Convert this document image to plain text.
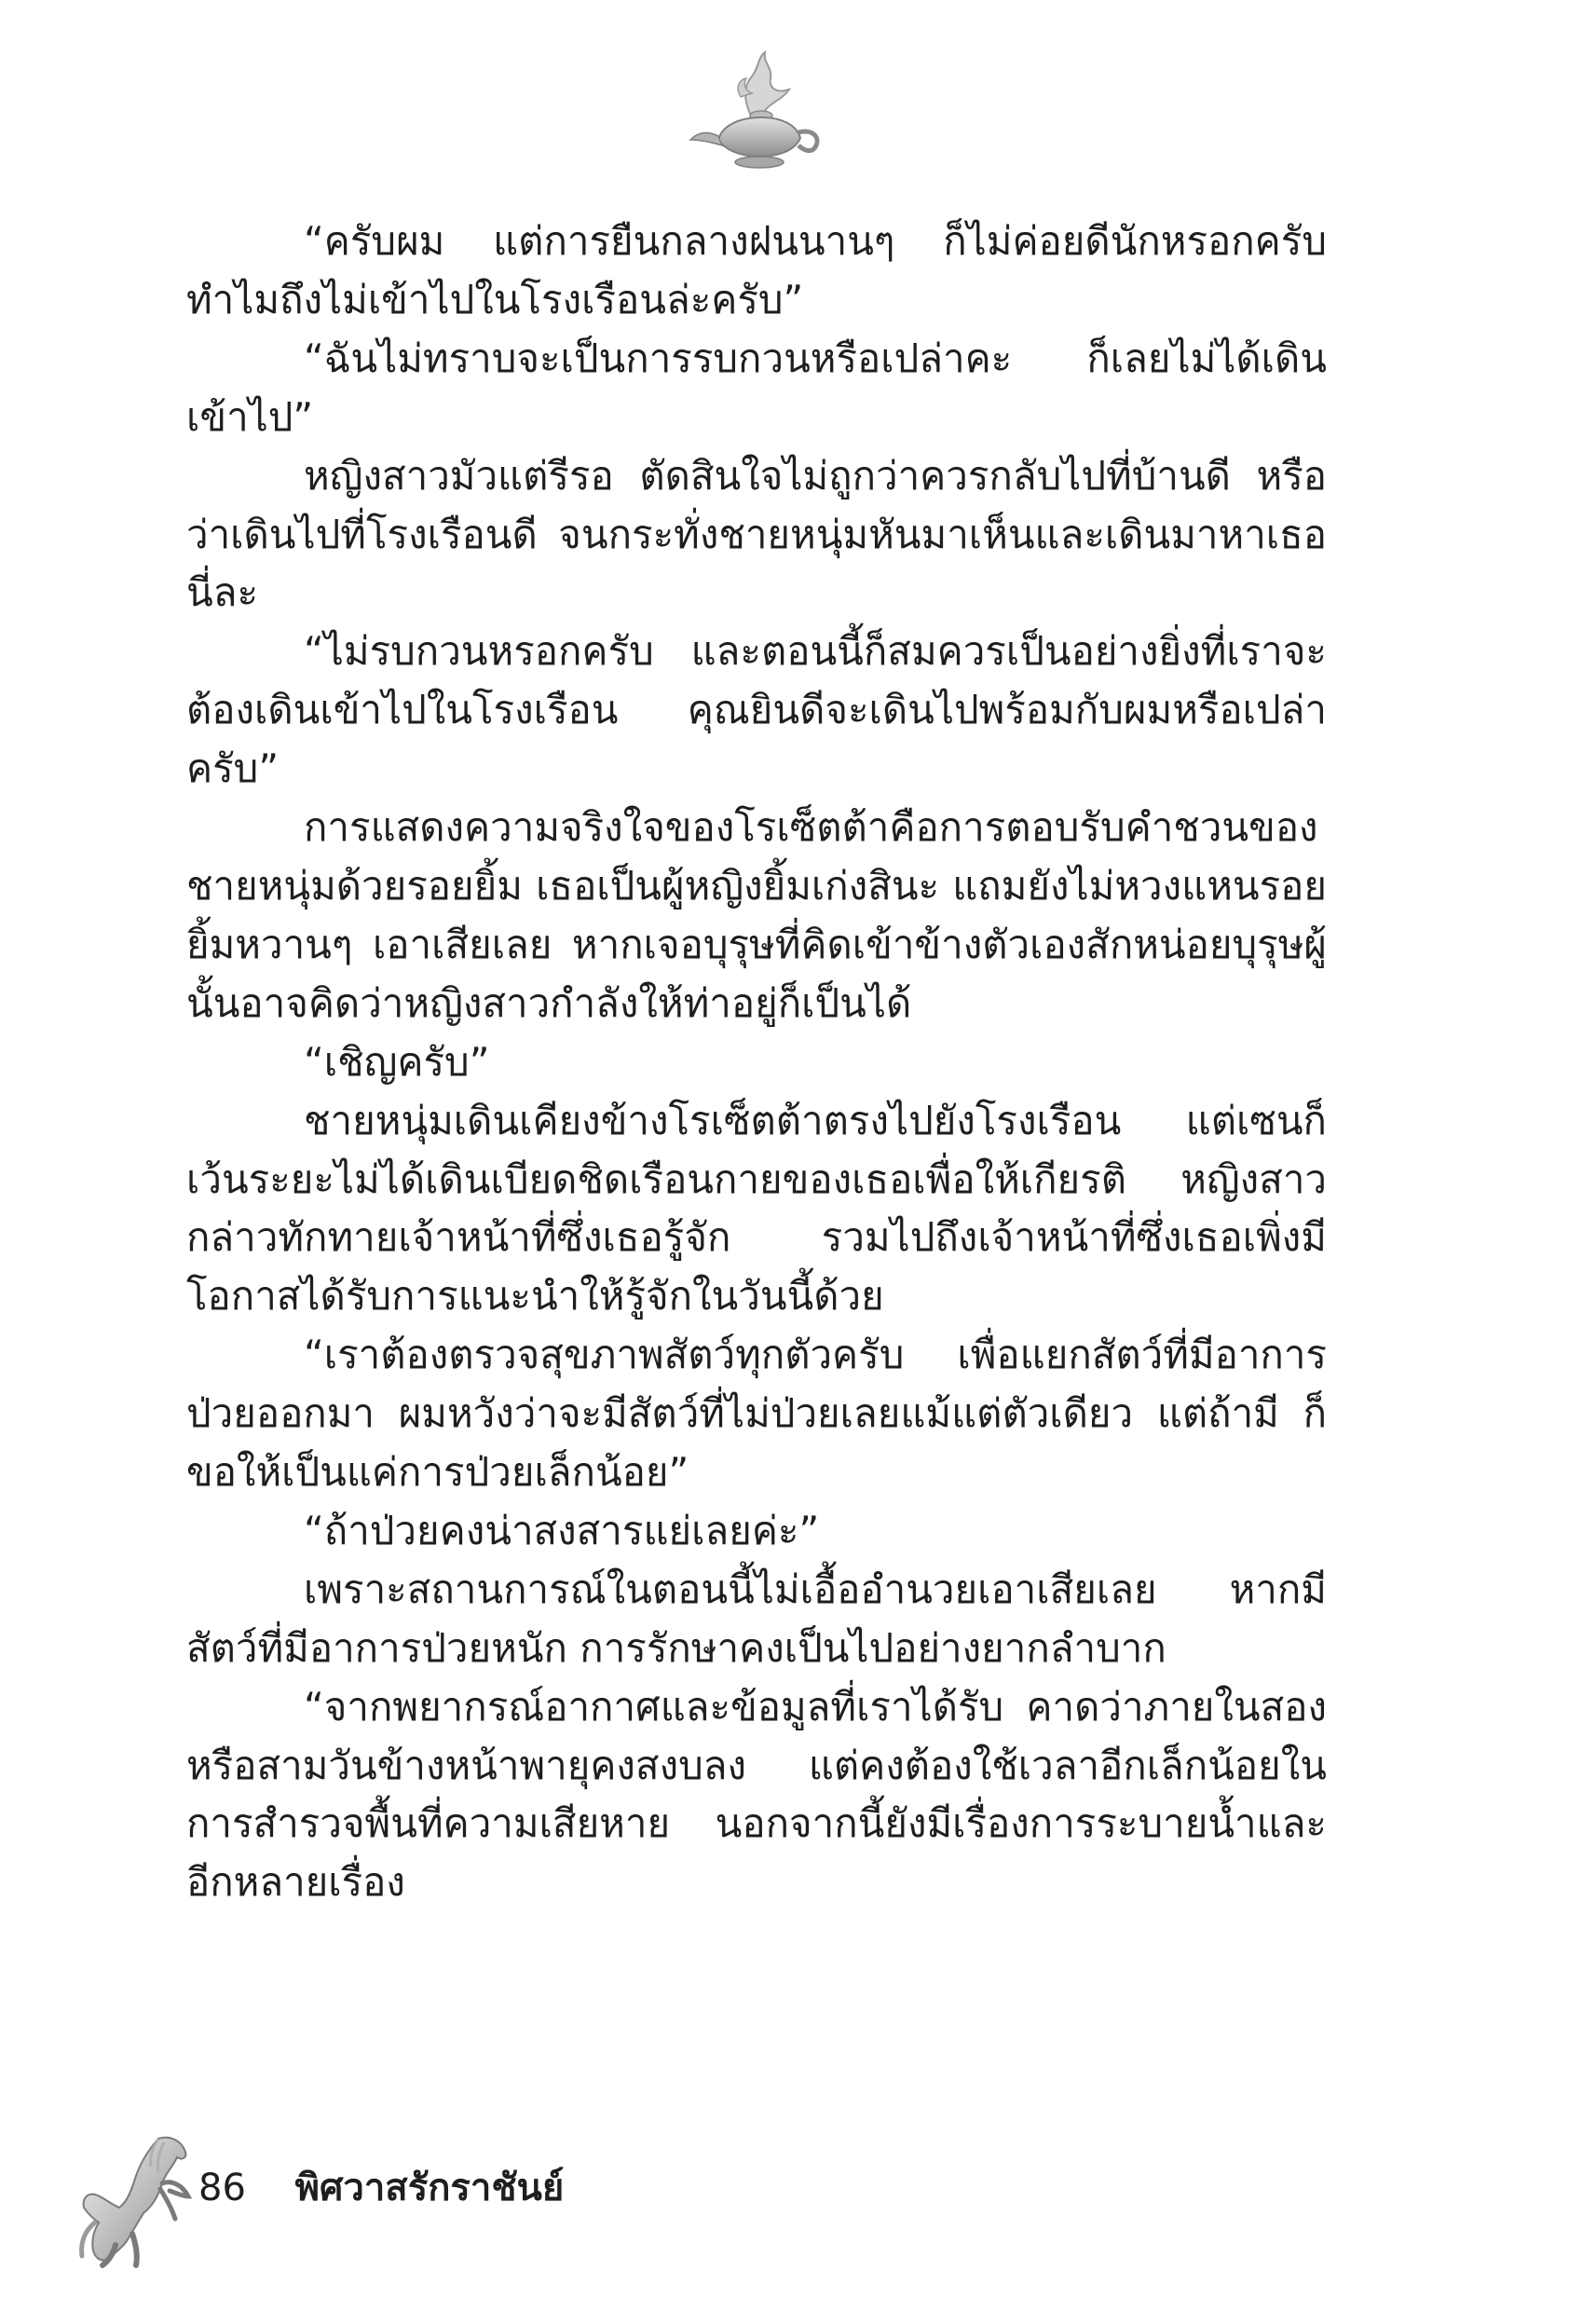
“ครับผม แต่การยืนกลางฝนนานๆ ก็ไม่ค่อยดีนักหรอกครับ ทำไมถึงไม่เข้าไปในโรงเรือนล่ะครับ”

“ฉันไม่ทราบจะเป็นการรบกวนหรือเปล่าคะ ก็เลยไม่ได้เดินเข้าไป”

หญิงสาวมัวแต่รีรอ ตัดสินใจไม่ถูกว่าควรกลับไปที่บ้านดี หรือว่าเดินไปที่โรงเรือนดี จนกระทั่งชายหนุ่มหันมาเห็นและเดินมาหาเธอนี่ละ

“ไม่รบกวนหรอกครับ และตอนนี้ก็สมควรเป็นอย่างยิ่งที่เราจะต้องเดินเข้าไปในโรงเรือน คุณยินดีจะเดินไปพร้อมกับผมหรือเปล่าครับ”

การแสดงความจริงใจของโรเซ็ตต้าคือการตอบรับคำชวนของชายหนุ่มด้วยรอยยิ้ม เธอเป็นผู้หญิงยิ้มเก่งสินะ แถมยังไม่หวงแหนรอยยิ้มหวานๆ เอาเสียเลย หากเจอบุรุษที่คิดเข้าข้างตัวเองสักหน่อยบุรุษผู้นั้นอาจคิดว่าหญิงสาวกำลังให้ท่าอยู่ก็เป็นได้

“เชิญครับ”

ชายหนุ่มเดินเคียงข้างโรเซ็ตต้าตรงไปยังโรงเรือน แต่เซนก็เว้นระยะไม่ได้เดินเบียดชิดเรือนกายของเธอเพื่อให้เกียรติ หญิงสาวกล่าวทักทายเจ้าหน้าที่ซึ่งเธอรู้จัก รวมไปถึงเจ้าหน้าที่ซึ่งเธอเพิ่งมีโอกาสได้รับการแนะนำให้รู้จักในวันนี้ด้วย

“เราต้องตรวจสุขภาพสัตว์ทุกตัวครับ เพื่อแยกสัตว์ที่มีอาการป่วยออกมา ผมหวังว่าจะมีสัตว์ที่ไม่ป่วยเลยแม้แต่ตัวเดียว แต่ถ้ามี ก็ขอให้เป็นแค่การป่วยเล็กน้อย”

“ถ้าป่วยคงน่าสงสารแย่เลยค่ะ”

เพราะสถานการณ์ในตอนนี้ไม่เอื้ออำนวยเอาเสียเลย หากมีสัตว์ที่มีอาการป่วยหนัก การรักษาคงเป็นไปอย่างยากลำบาก

“จากพยากรณ์อากาศและข้อมูลที่เราได้รับ คาดว่าภายในสองหรือสามวันข้างหน้าพายุคงสงบลง แต่คงต้องใช้เวลาอีกเล็กน้อยในการสำรวจพื้นที่ความเสียหาย นอกจากนี้ยังมีเรื่องการระบายน้ำและอีกหลายเรื่อง

86 พิศวาสรักราชันย์
